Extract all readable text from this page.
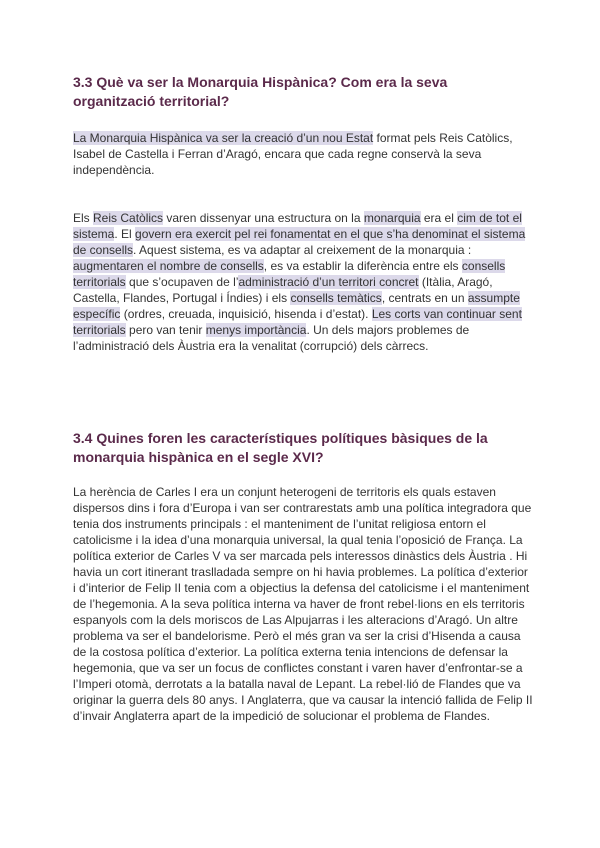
3.3 Què va ser la Monarquia Hispànica? Com era la seva organització territorial?
La Monarquia Hispànica va ser la creació d’un nou Estat format pels Reis Catòlics, Isabel de Castella i Ferran d’Aragó, encara que cada regne conservà la seva independència.
Els Reis Catòlics varen dissenyar una estructura on la monarquia era el cim de tot el sistema. El govern era exercit pel rei fonamentat en el que s’ha denominat el sistema de consells. Aquest sistema, es va adaptar al creixement de la monarquia : augmentaren el nombre de consells, es va establir la diferència entre els consells territorials que s’ocupaven de l’administració d’un territori concret (Itàlia, Aragó, Castella, Flandes, Portugal i Índies) i els consells temàtics, centrats en un assumpte específic (ordres, creuada, inquisició, hisenda i d’estat). Les corts van continuar sent territorials pero van tenir menys importància. Un dels majors problemes de l’administració dels Àustria era la venalitat (corrupció) dels càrrecs.
3.4 Quines foren les característiques polítiques bàsiques de la monarquia hispànica en el segle XVI?
La herència de Carles I era un conjunt heterogeni de territoris els quals estaven dispersos dins i fora d’Europa i van ser contrarestats amb una política integradora que tenia dos instruments principals : el manteniment de l’unitat religiosa entorn el catolicisme i la idea d’una monarquia universal, la qual tenia l’oposició de França. La política exterior de Carles V va ser marcada pels interessos dinàstics dels Àustria . Hi havia un cort itinerant traslladada sempre on hi havia problemes. La política d’exterior i d’interior de Felip II tenia com a objectius la defensa del catolicisme i el manteniment de l’hegemonia. A la seva política interna va haver de front rebel·lions en els territoris espanyols com la dels moriscos de Las Alpujarras i les alteracions d’Aragó. Un altre problema va ser el bandelorisme. Però el més gran va ser la crisi d’Hisenda a causa de la costosa política d’exterior. La política externa tenia intencions de defensar la hegemonia, que va ser un focus de conflictes constant i varen haver d’enfrontar-se a l’Imperi otomà, derrotats a la batalla naval de Lepant. La rebel·lió de Flandes que va originar la guerra dels 80 anys. I Anglaterra, que va causar la intenció fallida de Felip II d’invair Anglaterra apart de la impedició de solucionar el problema de Flandes.
